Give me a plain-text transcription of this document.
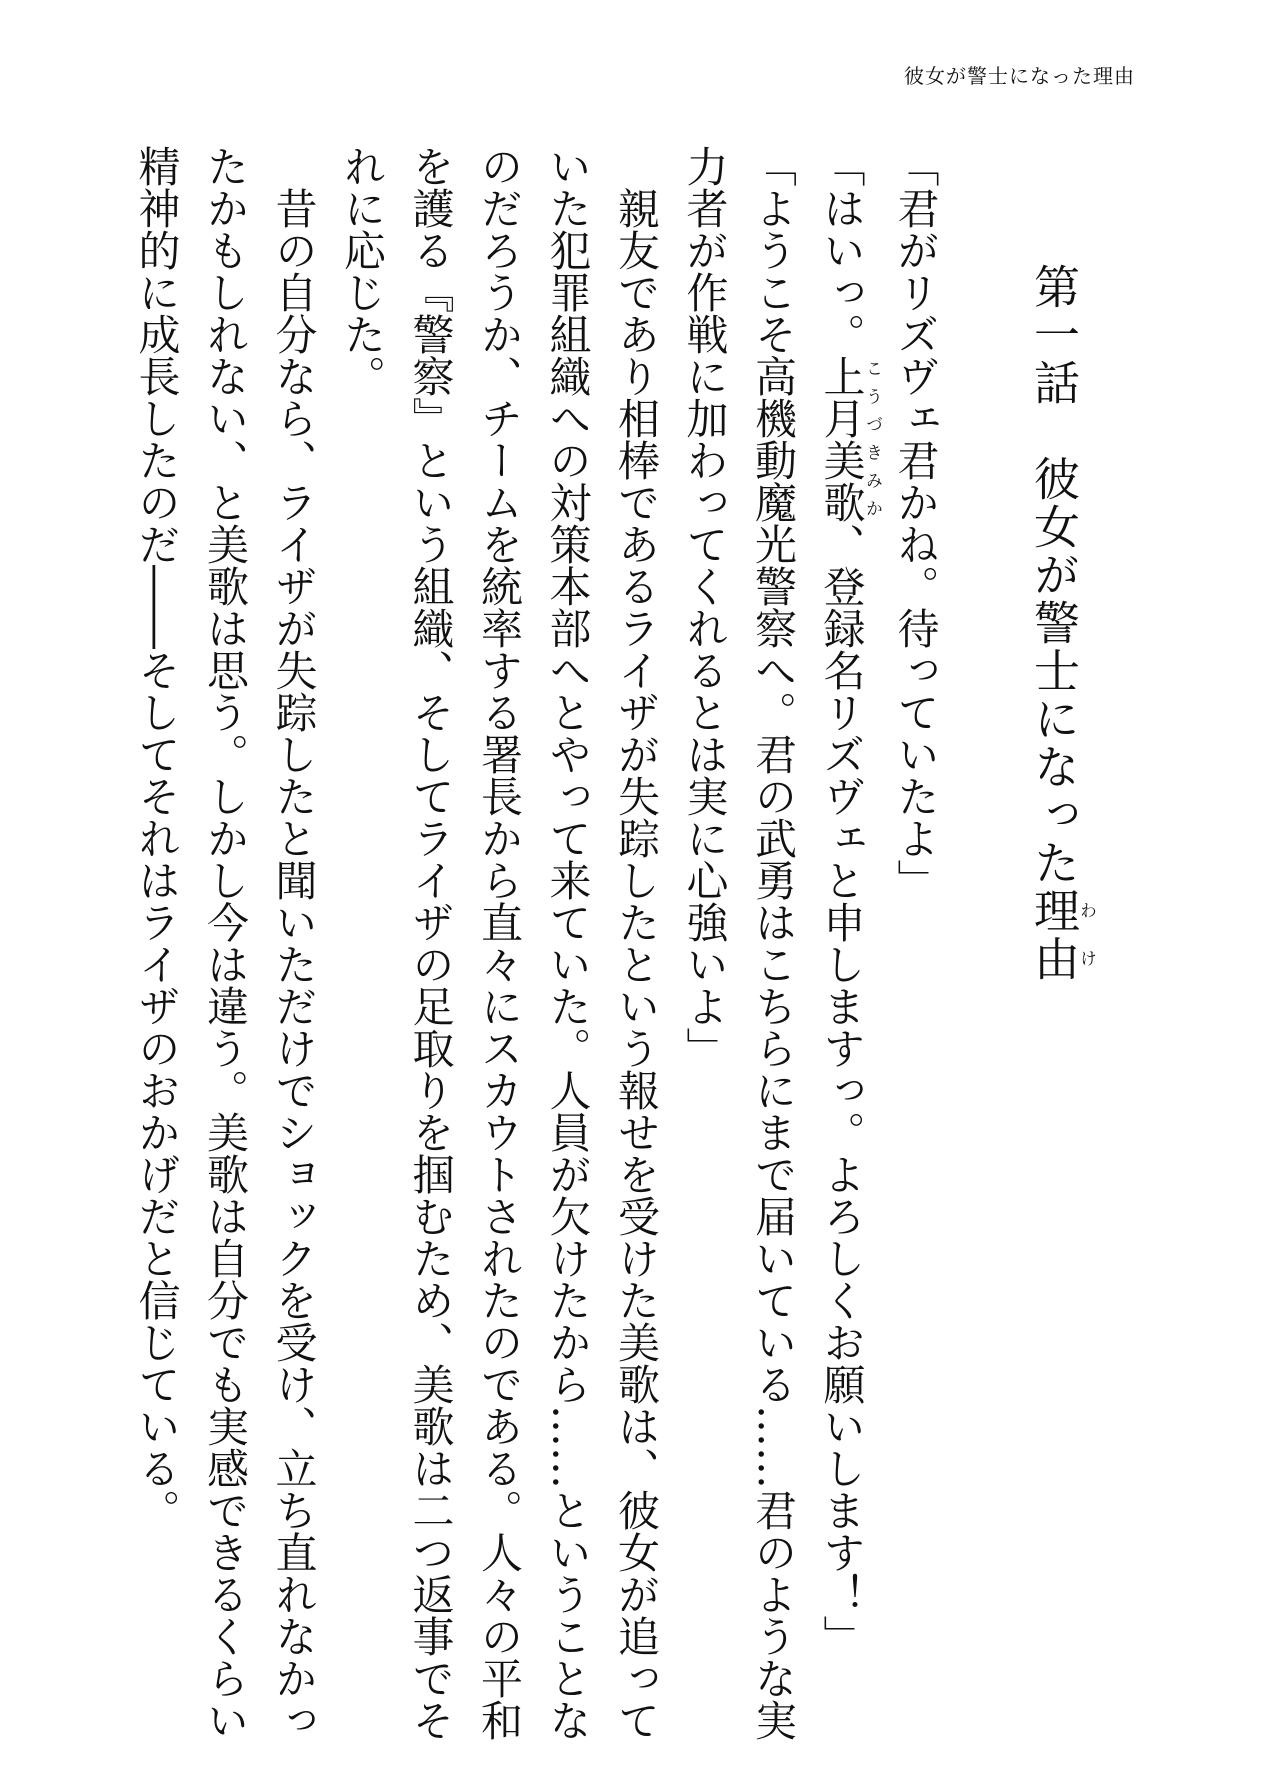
彼女が警士になった理由

第一話　彼女が警士になった理由わけ

「君がリズヴェ君かね。待っていたよ」

「はいっ。上月美歌こうづきみか、登録名リズヴェと申しますっ。よろしくお願いします！」

「ようこそ高機動魔光警察へ。君の武勇はこちらにまで届いている……君のような実力者が作戦に加わってくれるとは実に心強いよ」

親友であり相棒であるライザが失踪したという報せを受けた美歌は、彼女が追っていた犯罪組織への対策本部へとやって来ていた。人員が欠けたから……ということなのだろうか、チームを統率する署長から直々にスカウトされたのである。人々の平和を護る『警察』という組織、そしてライザの足取りを掴むため、美歌は二つ返事でそれに応じた。

昔の自分なら、ライザが失踪したと聞いただけでショックを受け、立ち直れなかったかもしれない、と美歌は思う。しかし今は違う。美歌は自分でも実感できるくらい精神的に成長したのだ――そしてそれはライザのおかげだと信じている。
